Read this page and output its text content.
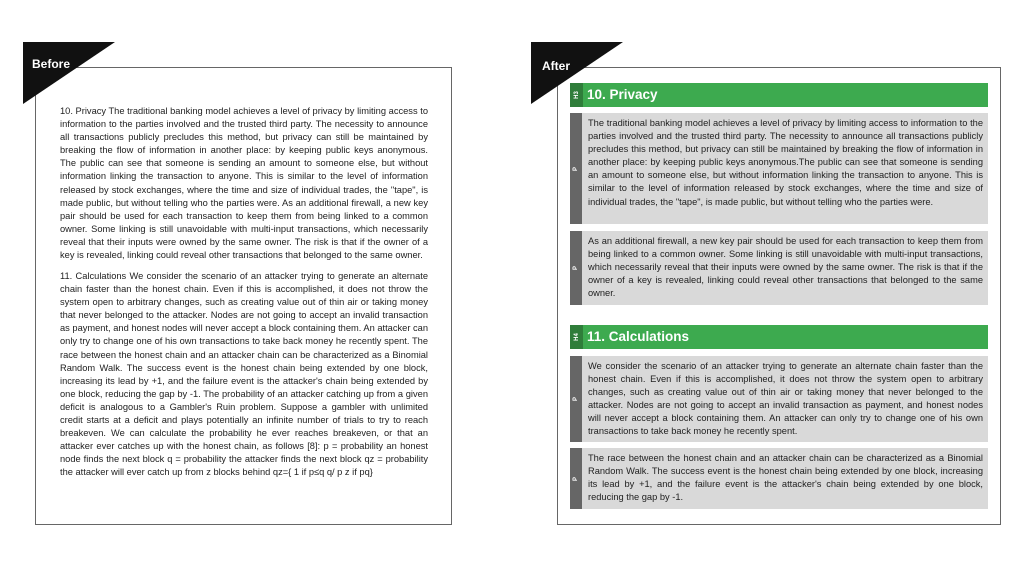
10. Privacy The traditional banking model achieves a level of privacy by limiting access to information to the parties involved and the trusted third party. The necessity to announce all transactions publicly precludes this method, but privacy can still be maintained by breaking the flow of information in another place: by keeping public keys anonymous. The public can see that someone is sending an amount to someone else, but without information linking the transaction to anyone. This is similar to the level of information released by stock exchanges, where the time and size of individual trades, the "tape", is made public, but without telling who the parties were. As an additional firewall, a new key pair should be used for each transaction to keep them from being linked to a common owner. Some linking is still unavoidable with multi-input transactions, which necessarily reveal that their inputs were owned by the same owner. The risk is that if the owner of a key is revealed, linking could reveal other transactions that belonged to the same owner.

11. Calculations We consider the scenario of an attacker trying to generate an alternate chain faster than the honest chain. Even if this is accomplished, it does not throw the system open to arbitrary changes, such as creating value out of thin air or taking money that never belonged to the attacker. Nodes are not going to accept an invalid transaction as payment, and honest nodes will never accept a block containing them. An attacker can only try to change one of his own transactions to take back money he recently spent. The race between the honest chain and an attacker chain can be characterized as a Binomial Random Walk. The success event is the honest chain being extended by one block, increasing its lead by +1, and the failure event is the attacker's chain being extended by one block, reducing the gap by -1. The probability of an attacker catching up from a given deficit is analogous to a Gambler's Ruin problem. Suppose a gambler with unlimited credit starts at a deficit and plays potentially an infinite number of trials to try to reach breakeven. We can calculate the probability he ever reaches breakeven, or that an attacker ever catches up with the honest chain, as follows [8]: p = probability an honest node finds the next block q = probability the attacker finds the next block qz = probability the attacker will ever catch up from z blocks behind qz={ 1 if p≤q q/ p z if pq}

Before
H3 10. Privacy
P

The traditional banking model achieves a level of privacy by limiting access to information to the parties involved and the trusted third party. The necessity to announce all transactions publicly precludes this method, but privacy can still be maintained by breaking the flow of information in another place: by keeping public keys anonymous.The public can see that someone is sending an amount to someone else, but without information linking the transaction to anyone. This is similar to the level of information released by stock exchanges, where the time and size of individual trades, the "tape", is made public, but without telling who the parties were.

P

As an additional firewall, a new key pair should be used for each transaction to keep them from being linked to a common owner. Some linking is still unavoidable with multi-input transactions, which necessarily reveal that their inputs were owned by the same owner. The risk is that if the owner of a key is revealed, linking could reveal other transactions that belonged to the same owner.

H4 11. Calculations
P

We consider the scenario of an attacker trying to generate an alternate chain faster than the honest chain. Even if this is accomplished, it does not throw the system open to arbitrary changes, such as creating value out of thin air or taking money that never belonged to the attacker. Nodes are not going to accept an invalid transaction as payment, and honest nodes will never accept a block containing them. An attacker can only try to change one of his own transactions to take back money he recently spent.

P

The race between the honest chain and an attacker chain can be characterized as a Binomial Random Walk. The success event is the honest chain being extended by one block, increasing its lead by +1, and the failure event is the attacker's chain being extended by one block, reducing the gap by -1.

After
